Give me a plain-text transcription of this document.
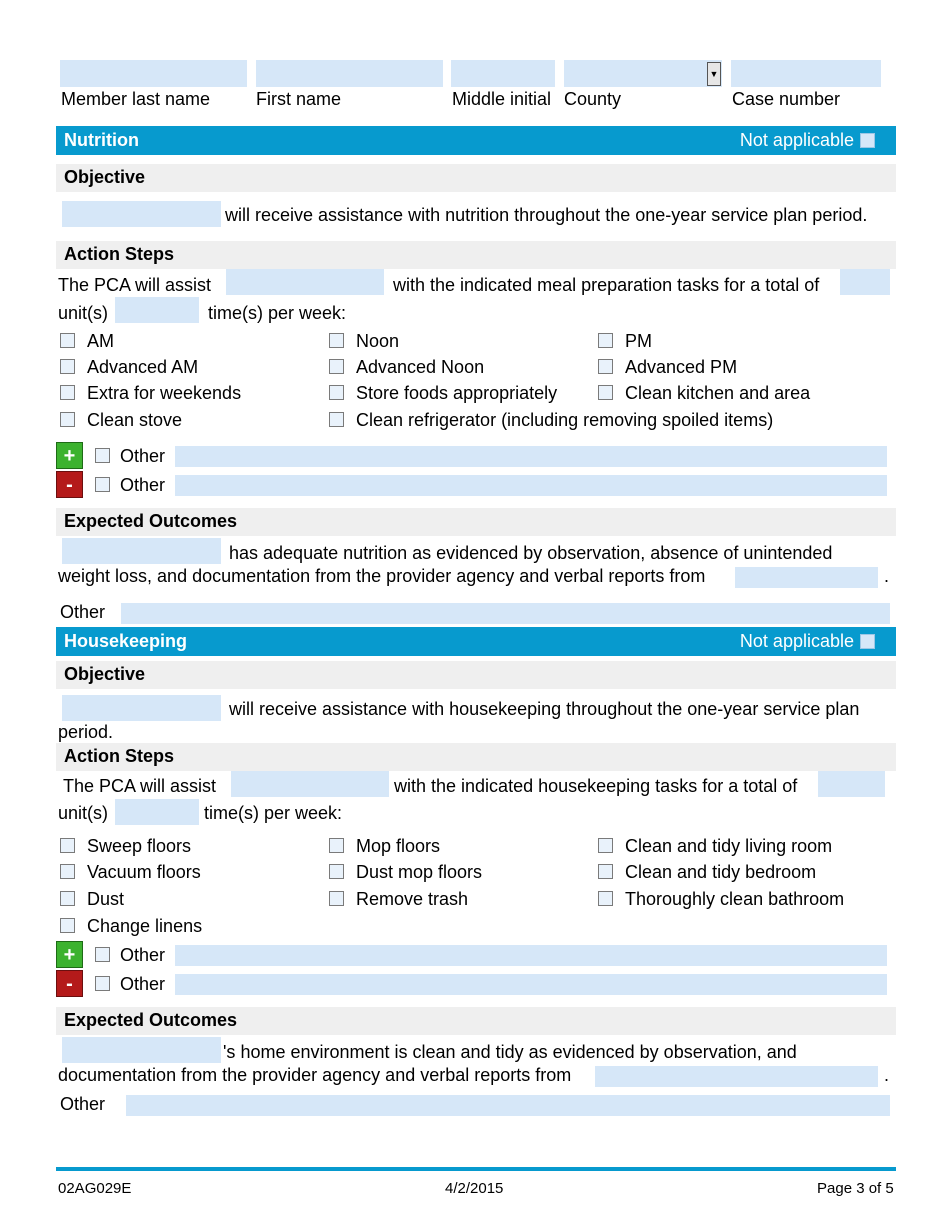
▼
Member last name	First name	Middle initial County	Case number
Nutrition	Not applicable
Objective
will receive assistance with nutrition throughout the one-year service plan period.
Action Steps
The PCA will assist	with the indicated meal preparation tasks for a total of
unit(s)	time(s) per week:
AM	Noon	PM
Advanced AM	Advanced Noon	Advanced PM
Extra for weekends	Store foods appropriately	Clean kitchen and area
Clean stove	Clean refrigerator (including removing spoiled items)
+	Other
-	Other
Expected Outcomes
has adequate nutrition as evidenced by observation, absence of unintended
weight loss, and documentation from the provider agency and verbal reports from	.
Other
Housekeeping	Not applicable
Objective
will receive assistance with housekeeping throughout the one-year service plan
period.
Action Steps
The PCA will assist	with the indicated housekeeping tasks for a total of
unit(s)	time(s) per week:
Sweep floors	Mop floors	Clean and tidy living room
Vacuum floors	Dust mop floors	Clean and tidy bedroom
Dust	Remove trash	Thoroughly clean bathroom
Change linens
+	Other
-	Other
Expected Outcomes
's home environment is clean and tidy as evidenced by observation, and
documentation from the provider agency and verbal reports from	.
Other
02AG029E	4/2/2015	Page 3 of 5
